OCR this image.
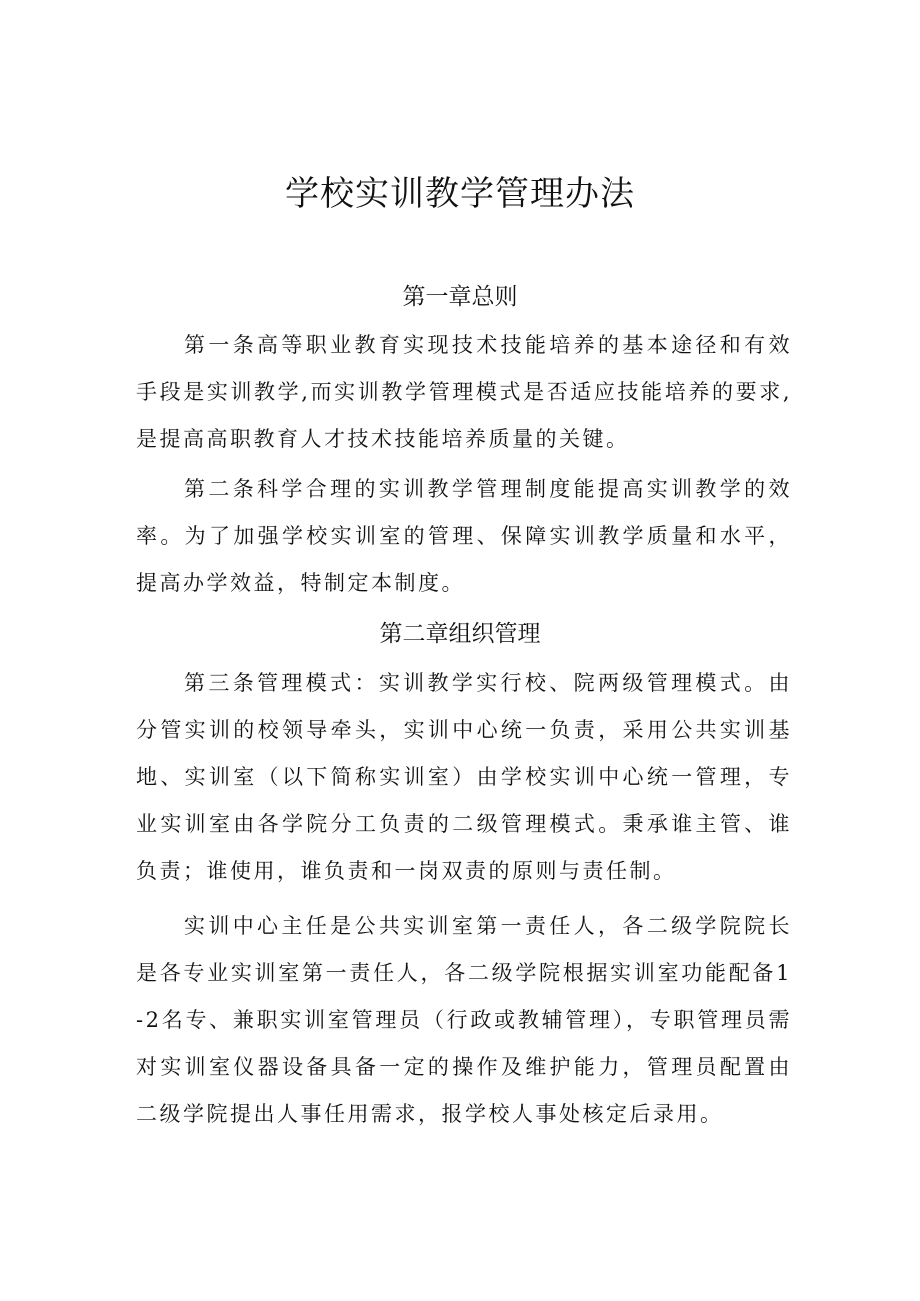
学校实训教学管理办法
第一章总则

第一条高等职业教育实现技术技能培养的基本途径和有效手段是实训教学,而实训教学管理模式是否适应技能培养的要求,是提高高职教育人才技术技能培养质量的关键。

第二条科学合理的实训教学管理制度能提高实训教学的效率。为了加强学校实训室的管理、保障实训教学质量和水平，提高办学效益，特制定本制度。

第二章组织管理

第三条管理模式：实训教学实行校、院两级管理模式。由分管实训的校领导牵头，实训中心统一负责，采用公共实训基地、实训室（以下简称实训室）由学校实训中心统一管理，专业实训室由各学院分工负责的二级管理模式。秉承谁主管、谁负责；谁使用，谁负责和一岗双责的原则与责任制。

实训中心主任是公共实训室第一责任人，各二级学院院长是各专业实训室第一责任人，各二级学院根据实训室功能配备1-2名专、兼职实训室管理员（行政或教辅管理），专职管理员需对实训室仪器设备具备一定的操作及维护能力，管理员配置由二级学院提出人事任用需求，报学校人事处核定后录用。
